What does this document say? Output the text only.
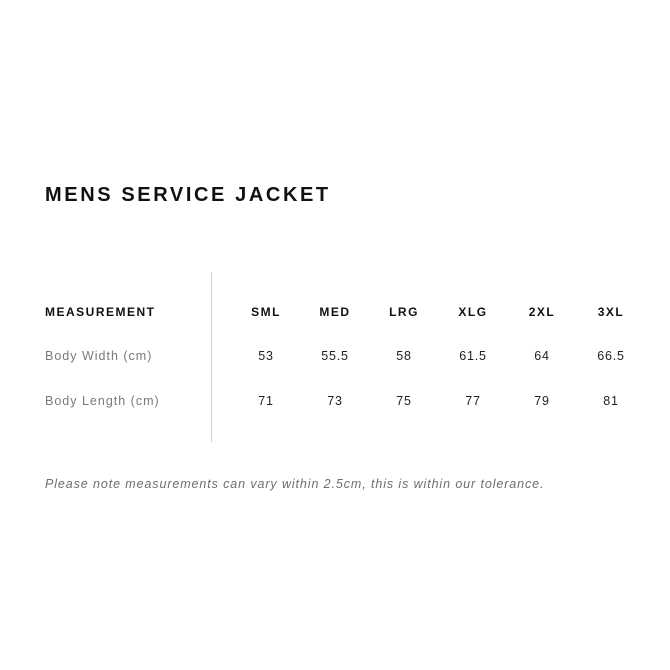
MENS SERVICE JACKET
MEASUREMENT	SML	MED	LRG	XLG	2XL	3XL
Body Width (cm)	53	55.5	58	61.5	64	66.5
Body Length (cm)	71	73	75	77	79	81
Please note measurements can vary within 2.5cm, this is within our tolerance.
